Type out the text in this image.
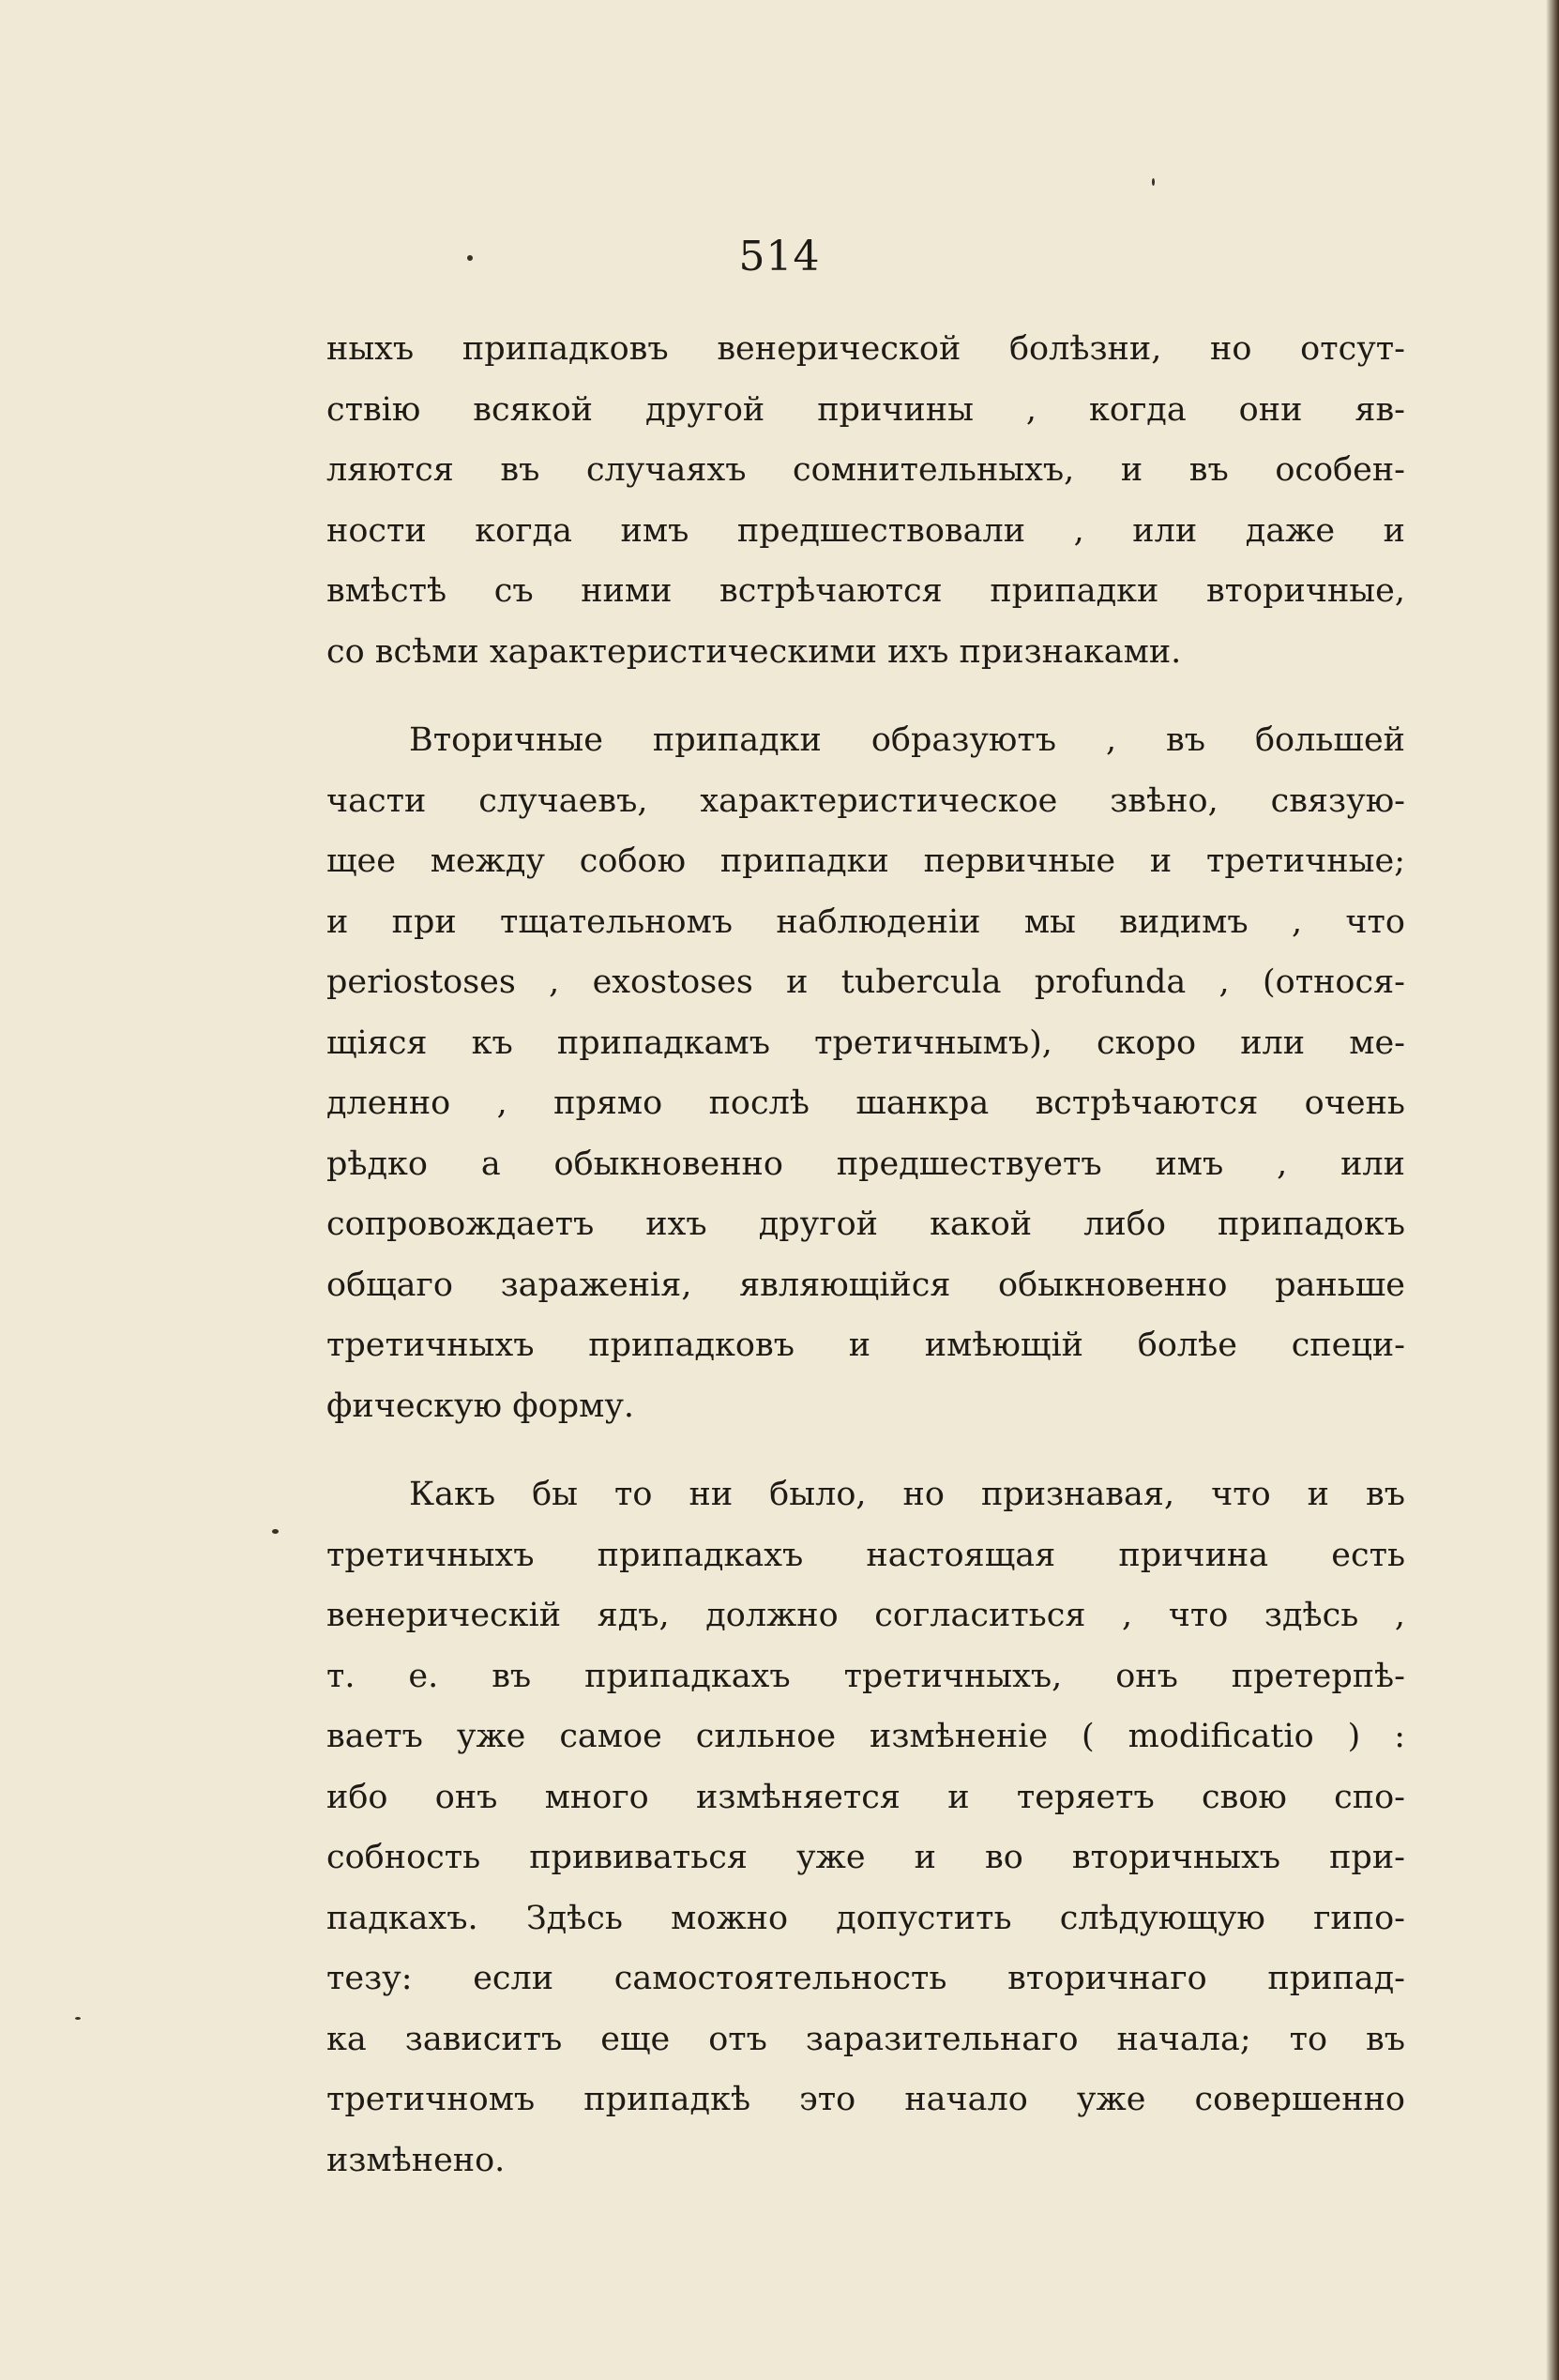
514

ныхъ припадковъ венерической болѣзни, но отсут-
ствію всякой другой причины , когда они яв-
ляются въ случаяхъ сомнительныхъ, и въ особен-
ности когда имъ предшествовали , или даже и
вмѣстѣ съ ними встрѣчаются припадки вторичные,
со всѣми характеристическими ихъ признаками.

Вторичные припадки образуютъ , въ большей
части случаевъ, характеристическое звѣно, связую-
щее между собою припадки первичные и третичные;
и при тщательномъ наблюденіи мы видимъ , что
periostoses , exostoses и tubercula profunda , (относя-
щіяся къ припадкамъ третичнымъ), скоро или ме-
дленно , прямо послѣ шанкра встрѣчаются очень
рѣдко а обыкновенно предшествуетъ имъ , или
сопровождаетъ ихъ другой какой либо припадокъ
общаго зараженія, являющійся обыкновенно раньше
третичныхъ припадковъ и имѣющій болѣе специ-
фическую форму.

Какъ бы то ни было, но признавая, что и въ
третичныхъ припадкахъ настоящая причина есть
венерическій ядъ, должно согласиться , что здѣсь ,
т. е. въ припадкахъ третичныхъ, онъ претерпѣ-
ваетъ уже самое сильное измѣненіе ( modificatio ) :
ибо онъ много измѣняется и теряетъ свою спо-
собность прививаться уже и во вторичныхъ при-
падкахъ. Здѣсь можно допустить слѣдующую гипо-
тезу: если самостоятельность вторичнаго припад-
ка зависитъ еще отъ заразительнаго начала; то въ
третичномъ припадкѣ это начало уже совершенно
измѣнено.
